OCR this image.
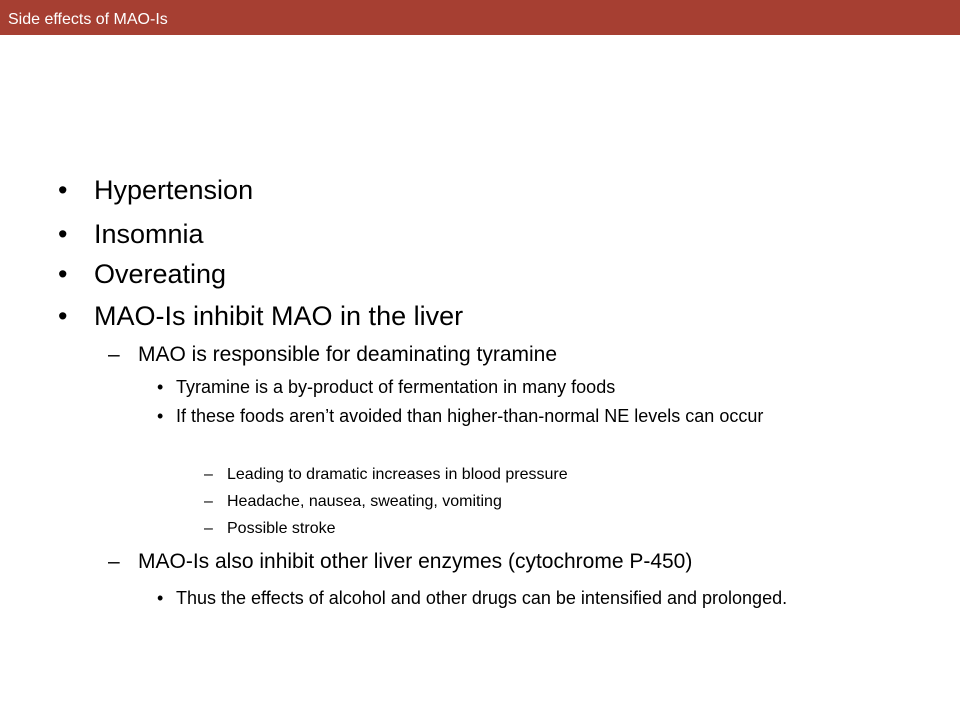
Side effects of MAO-Is
• Hypertension
• Insomnia
• Overeating
• MAO-Is inhibit MAO in the liver
– MAO is responsible for deaminating tyramine
• Tyramine is a by-product of fermentation in many foods
• If these foods aren’t avoided than higher-than-normal NE levels can occur
– Leading to dramatic increases in blood pressure
– Headache, nausea, sweating, vomiting
– Possible stroke
– MAO-Is also inhibit other liver enzymes (cytochrome P-450)
• Thus the effects of alcohol and other drugs can be intensified and prolonged.
